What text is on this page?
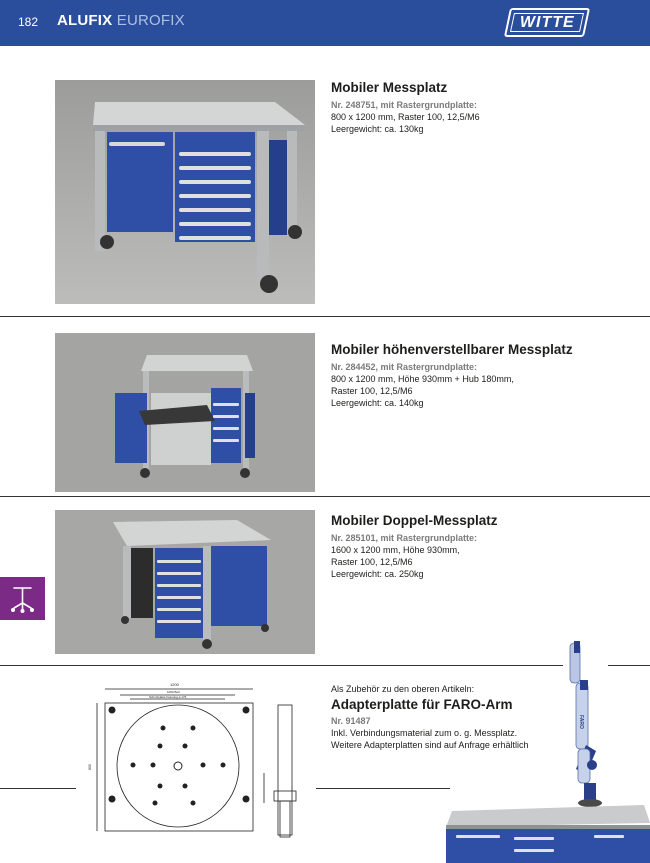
182 ALUFIX EUROFIX	WITTE
Mobiler Messplatz
Nr. 248751, mit Rastergrundplatte:
800 x 1200 mm, Raster 100, 12,5/M6
Leergewicht: ca. 130kg
Mobiler höhenverstellbarer Messplatz
Nr. 284452, mit Rastergrundplatte:
800 x 1200 mm, Höhe 930mm + Hub 180mm,
Raster 100, 12,5/M6
Leergewicht: ca. 140kg
Mobiler Doppel-Messplatz
Nr. 285101, mit Rastergrundplatte:
1600 x 1200 mm, Höhe 930mm,
Raster 100, 12,5/M6
Leergewicht: ca. 250kg
Als Zubehör zu den oberen Artikeln:
Adapterplatte für FARO-Arm
Nr. 91487
Inkl. Verbindungsmaterial zum o. g. Messplatz.
Weitere Adapterplatten sind auf Anfrage erhältlich
1200
1000 Bolt
Schutzplatte Fassung ø 176
800
FARO
